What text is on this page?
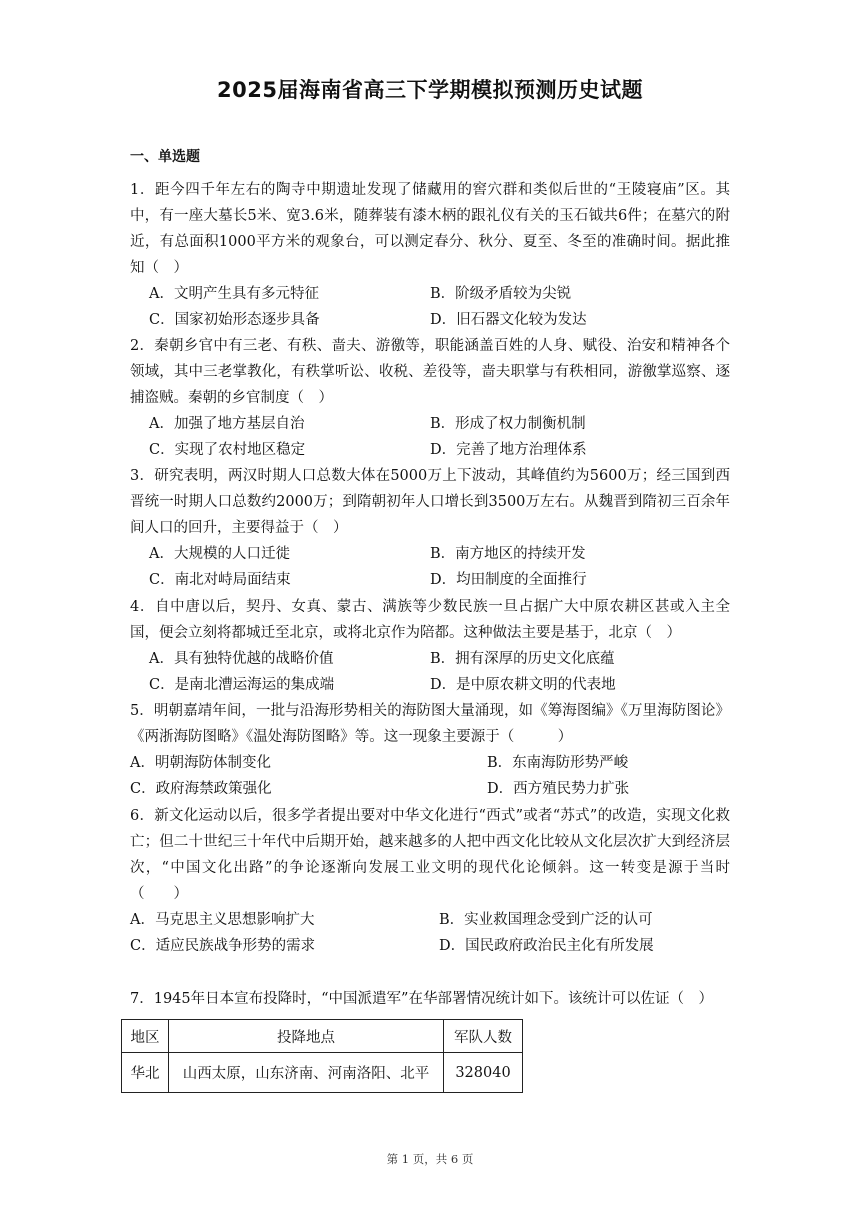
2025届海南省高三下学期模拟预测历史试题
一、单选题
1．距今四千年左右的陶寺中期遗址发现了储藏用的窖穴群和类似后世的“王陵寝庙”区。其中，有一座大墓长5米、宽3.6米，随葬装有漆木柄的跟礼仪有关的玉石钺共6件；在墓穴的附近，有总面积1000平方米的观象台，可以测定春分、秋分、夏至、冬至的准确时间。据此推知（　）
A．文明产生具有多元特征	B．阶级矛盾较为尖锐
C．国家初始形态逐步具备	D．旧石器文化较为发达
2．秦朝乡官中有三老、有秩、啬夫、游徼等，职能涵盖百姓的人身、赋役、治安和精神各个领域，其中三老掌教化，有秩掌听讼、收税、差役等，啬夫职掌与有秩相同，游徼掌巡察、逐捕盗贼。秦朝的乡官制度（　）
A．加强了地方基层自治	B．形成了权力制衡机制
C．实现了农村地区稳定	D．完善了地方治理体系
3．研究表明，两汉时期人口总数大体在5000万上下波动，其峰值约为5600万；经三国到西晋统一时期人口总数约2000万；到隋朝初年人口增长到3500万左右。从魏晋到隋初三百余年间人口的回升，主要得益于（　）
A．大规模的人口迁徙	B．南方地区的持续开发
C．南北对峙局面结束	D．均田制度的全面推行
4．自中唐以后，契丹、女真、蒙古、满族等少数民族一旦占据广大中原农耕区甚或入主全国，便会立刻将都城迁至北京，或将北京作为陪都。这种做法主要是基于，北京（　）
A．具有独特优越的战略价值	B．拥有深厚的历史文化底蕴
C．是南北漕运海运的集成端	D．是中原农耕文明的代表地
5．明朝嘉靖年间，一批与沿海形势相关的海防图大量涌现，如《筹海图编》《万里海防图论》《两浙海防图略》《温处海防图略》等。这一现象主要源于（　　　）
A．明朝海防体制变化	B．东南海防形势严峻
C．政府海禁政策强化	D．西方殖民势力扩张
6．新文化运动以后，很多学者提出要对中华文化进行“西式”或者“苏式”的改造，实现文化救亡；但二十世纪三十年代中后期开始，越来越多的人把中西文化比较从文化层次扩大到经济层次，“中国文化出路”的争论逐渐向发展工业文明的现代化论倾斜。这一转变是源于当时（　　）
A．马克思主义思想影响扩大	B．实业救国理念受到广泛的认可
C．适应民族战争形势的需求	D．国民政府政治民主化有所发展
7．1945年日本宣布投降时，“中国派遣军”在华部署情况统计如下。该统计可以佐证（　）
地区	投降地点	军队人数
华北	山西太原，山东济南、河南洛阳、北平	328040
第 1 页，共 6 页
